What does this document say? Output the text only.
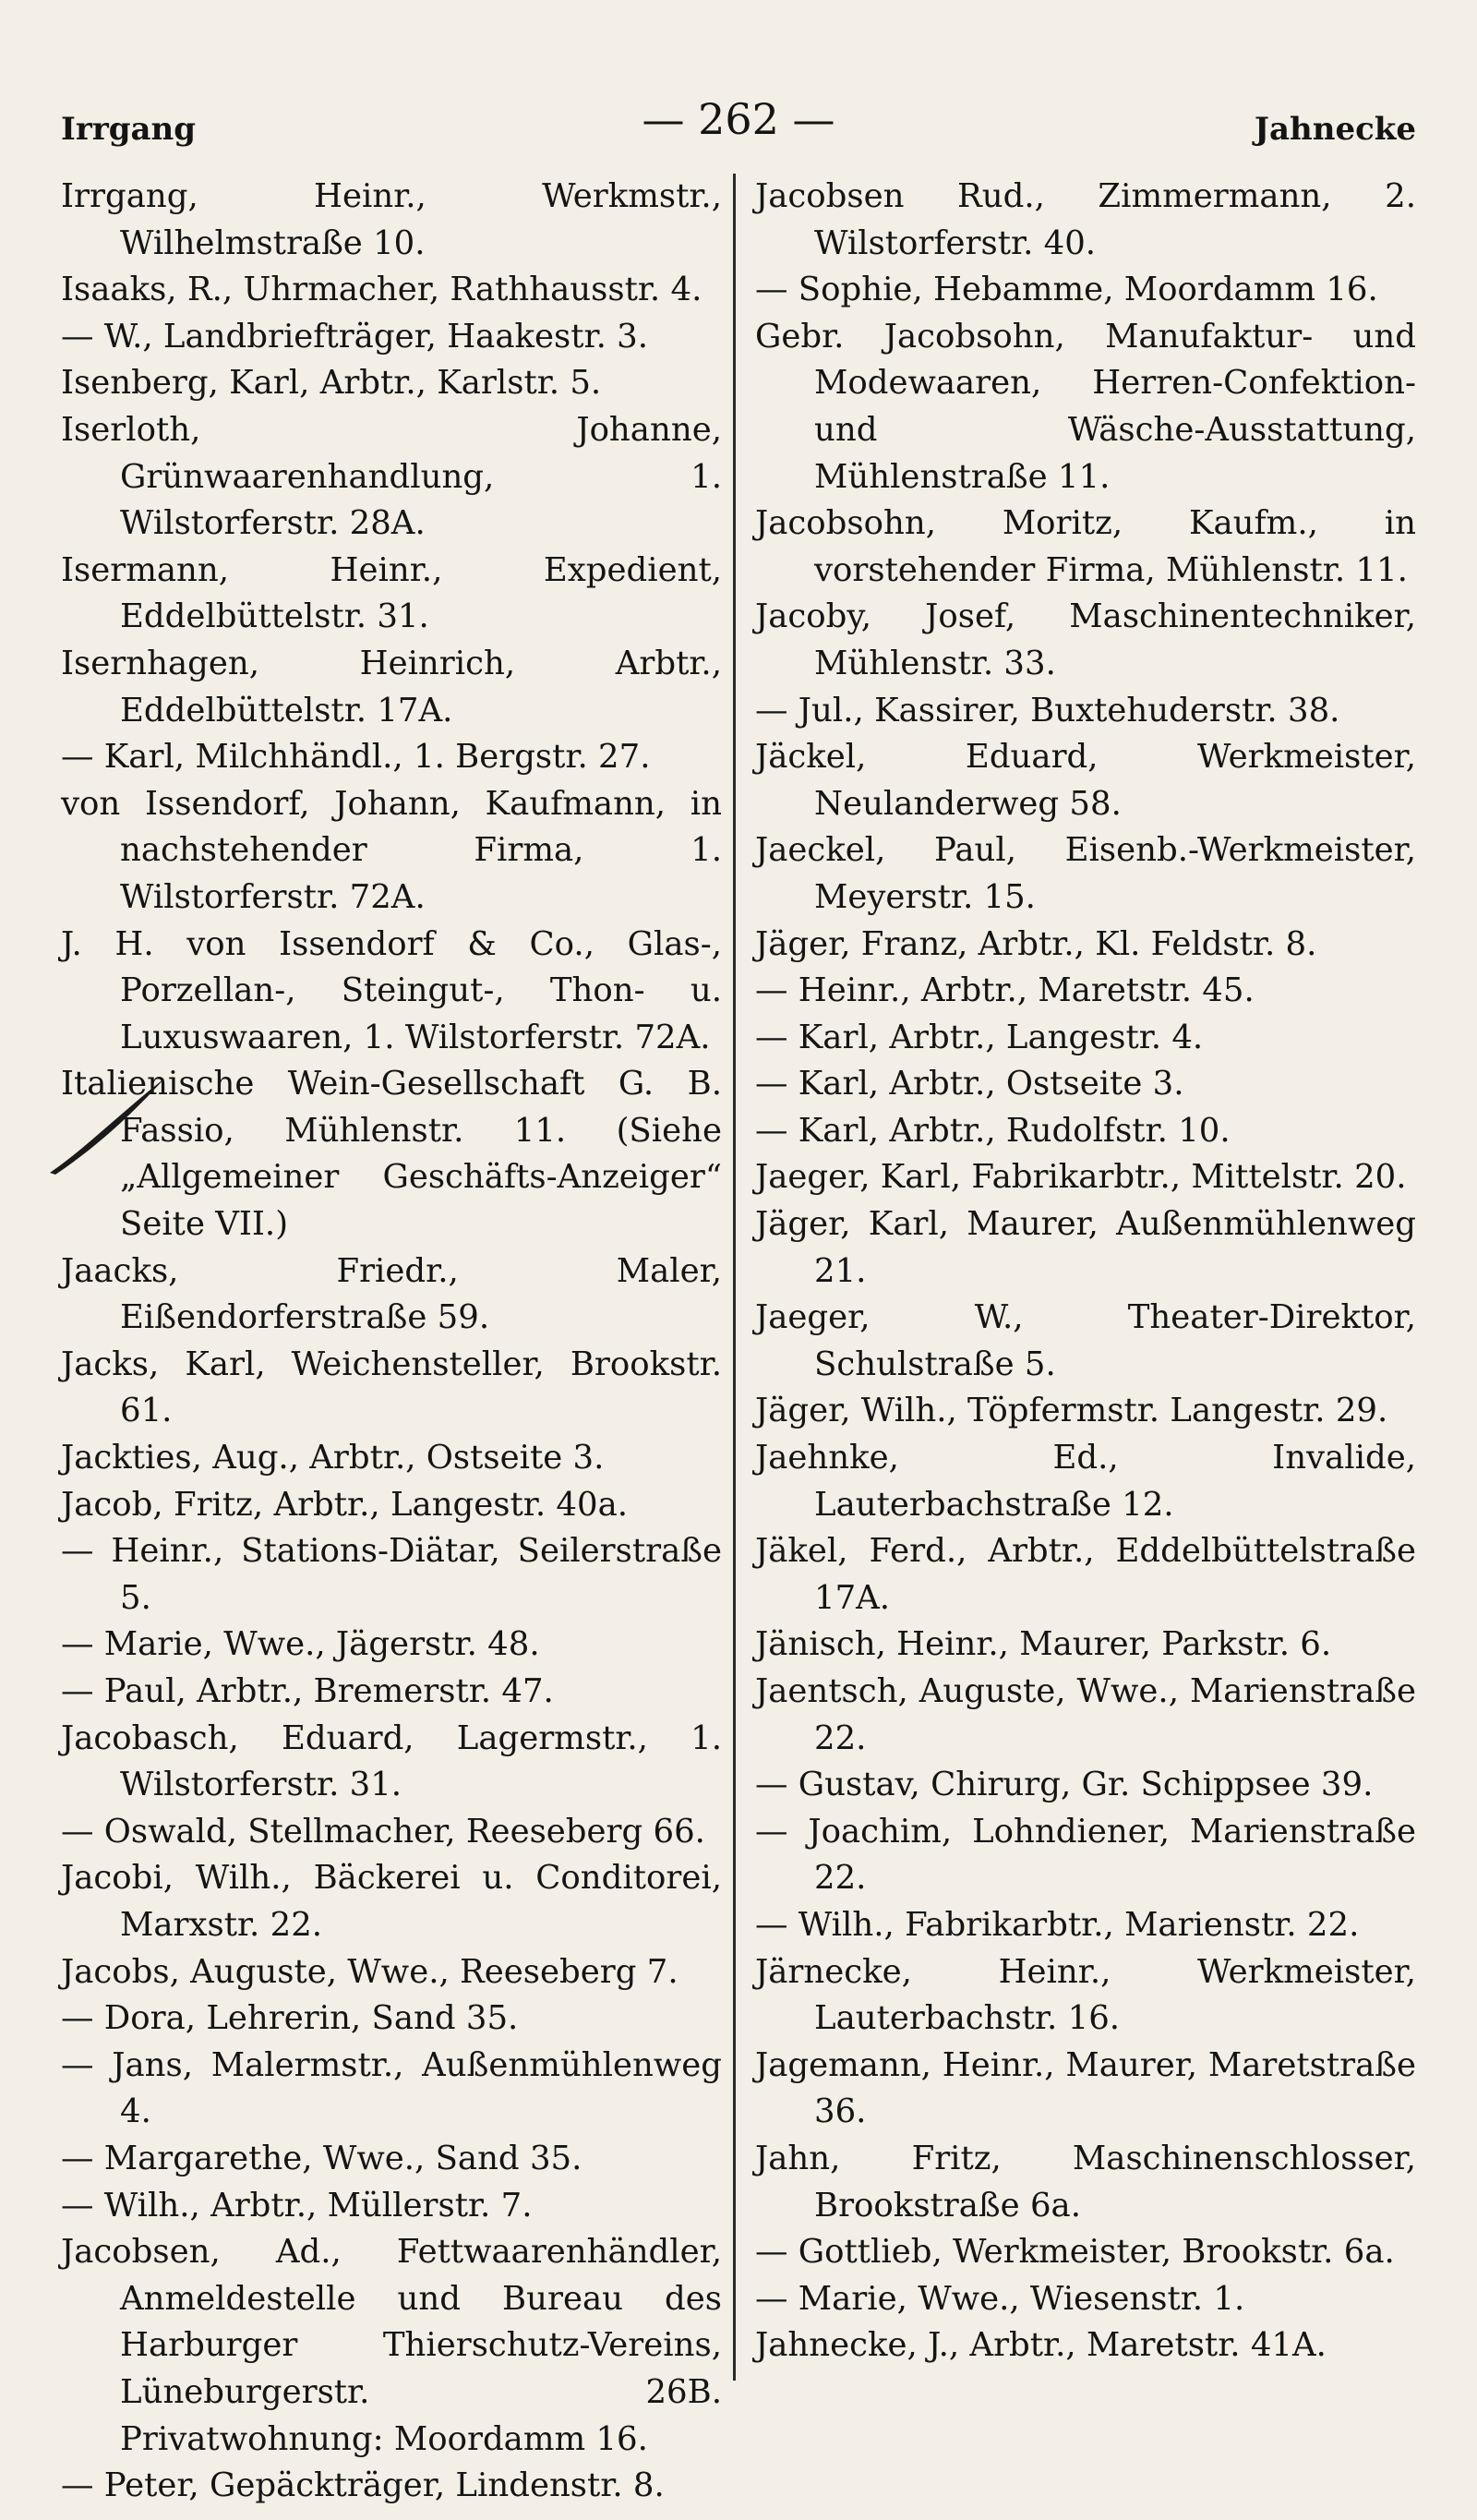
Irrgang	— 262 —	Jahnecke

Irrgang, Heinr., Werkmstr., Wilhelmstraße 10.

Isaaks, R., Uhrmacher, Rathhausstr. 4.

— W., Landbriefträger, Haakestr. 3.

Isenberg, Karl, Arbtr., Karlstr. 5.

Iserloth, Johanne, Grünwaarenhandlung, 1. Wilstorferstr. 28A.

Isermann, Heinr., Expedient, Eddelbüttelstr. 31.

Isernhagen, Heinrich, Arbtr., Eddelbüttelstr. 17A.

— Karl, Milchhändl., 1. Bergstr. 27.

von Issendorf, Johann, Kaufmann, in nachstehender Firma, 1. Wilstorferstr. 72A.

J. H. von Issendorf & Co., Glas-, Porzellan-, Steingut-, Thon- u. Luxuswaaren, 1. Wilstorferstr. 72A.

Italienische Wein-Gesellschaft G. B. Fassio, Mühlenstr. 11. (Siehe „Allgemeiner Geschäfts-Anzeiger“ Seite VII.)

Jaacks, Friedr., Maler, Eißendorferstraße 59.

Jacks, Karl, Weichensteller, Brookstr. 61.

Jackties, Aug., Arbtr., Ostseite 3.

Jacob, Fritz, Arbtr., Langestr. 40a.

— Heinr., Stations-Diätar, Seilerstraße 5.

— Marie, Wwe., Jägerstr. 48.

— Paul, Arbtr., Bremerstr. 47.

Jacobasch, Eduard, Lagermstr., 1. Wilstorferstr. 31.

— Oswald, Stellmacher, Reeseberg 66.

Jacobi, Wilh., Bäckerei u. Conditorei, Marxstr. 22.

Jacobs, Auguste, Wwe., Reeseberg 7.

— Dora, Lehrerin, Sand 35.

— Jans, Malermstr., Außenmühlenweg 4.

— Margarethe, Wwe., Sand 35.

— Wilh., Arbtr., Müllerstr. 7.

Jacobsen, Ad., Fettwaarenhändler, Anmeldestelle und Bureau des Harburger Thierschutz-Vereins, Lüneburgerstr. 26B. Privatwohnung: Moordamm 16.

— Peter, Gepäckträger, Lindenstr. 8.

Jacobsen Rud., Zimmermann, 2. Wilstorferstr. 40.

— Sophie, Hebamme, Moordamm 16.

Gebr. Jacobsohn, Manufaktur- und Modewaaren, Herren-Confektion- und Wäsche-Ausstattung, Mühlenstraße 11.

Jacobsohn, Moritz, Kaufm., in vorstehender Firma, Mühlenstr. 11.

Jacoby, Josef, Maschinentechniker, Mühlenstr. 33.

— Jul., Kassirer, Buxtehuderstr. 38.

Jäckel, Eduard, Werkmeister, Neulanderweg 58.

Jaeckel, Paul, Eisenb.-Werkmeister, Meyerstr. 15.

Jäger, Franz, Arbtr., Kl. Feldstr. 8.

— Heinr., Arbtr., Maretstr. 45.

— Karl, Arbtr., Langestr. 4.

— Karl, Arbtr., Ostseite 3.

— Karl, Arbtr., Rudolfstr. 10.

Jaeger, Karl, Fabrikarbtr., Mittelstr. 20.

Jäger, Karl, Maurer, Außenmühlenweg 21.

Jaeger, W., Theater-Direktor, Schulstraße 5.

Jäger, Wilh., Töpfermstr. Langestr. 29.

Jaehnke, Ed., Invalide, Lauterbachstraße 12.

Jäkel, Ferd., Arbtr., Eddelbüttelstraße 17A.

Jänisch, Heinr., Maurer, Parkstr. 6.

Jaentsch, Auguste, Wwe., Marienstraße 22.

— Gustav, Chirurg, Gr. Schippsee 39.

— Joachim, Lohndiener, Marienstraße 22.

— Wilh., Fabrikarbtr., Marienstr. 22.

Järnecke, Heinr., Werkmeister, Lauterbachstr. 16.

Jagemann, Heinr., Maurer, Maretstraße 36.

Jahn, Fritz, Maschinenschlosser, Brookstraße 6a.

— Gottlieb, Werkmeister, Brookstr. 6a.

— Marie, Wwe., Wiesenstr. 1.

Jahnecke, J., Arbtr., Maretstr. 41A.
